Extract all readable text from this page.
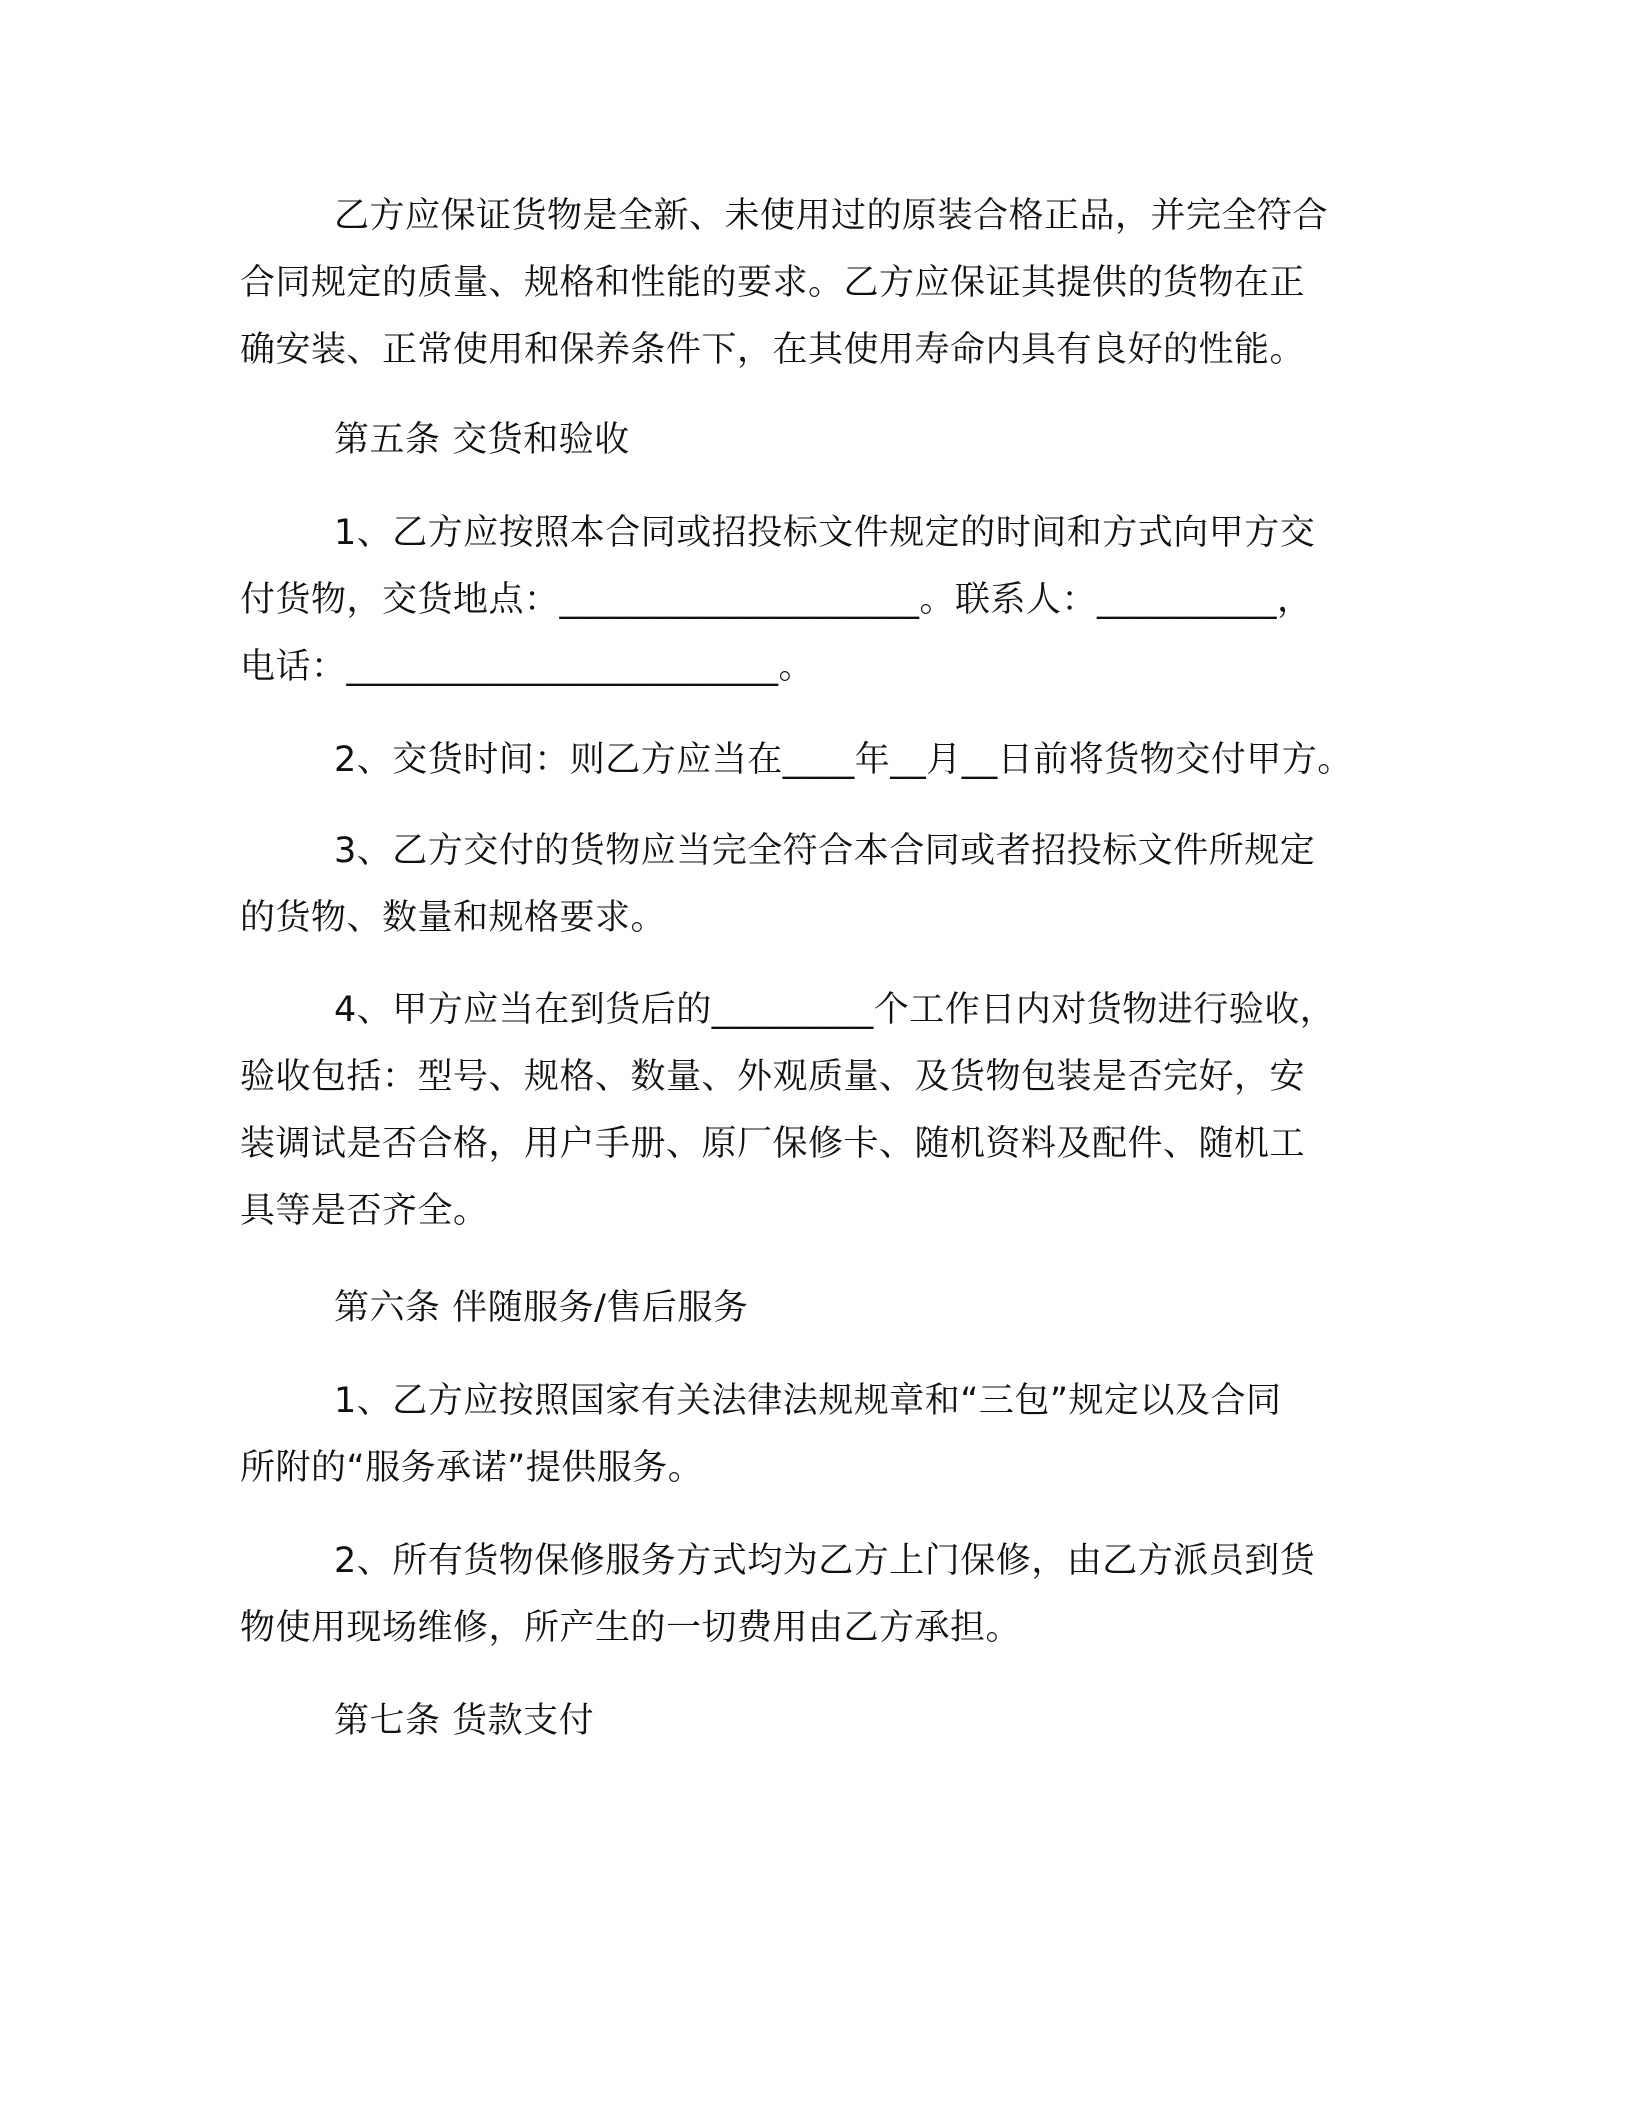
乙方应保证货物是全新、未使用过的原装合格正品，并完全符合
合同规定的质量、规格和性能的要求。乙方应保证其提供的货物在正
确安装、正常使用和保养条件下，在其使用寿命内具有良好的性能。
第五条 交货和验收
1、乙方应按照本合同或招投标文件规定的时间和方式向甲方交
付货物，交货地点：____________________。联系人：__________，
电话：________________________。
2、交货时间：则乙方应当在____年__月__日前将货物交付甲方。
3、乙方交付的货物应当完全符合本合同或者招投标文件所规定
的货物、数量和规格要求。
4、甲方应当在到货后的_________个工作日内对货物进行验收，
验收包括：型号、规格、数量、外观质量、及货物包装是否完好，安
装调试是否合格，用户手册、原厂保修卡、随机资料及配件、随机工
具等是否齐全。
第六条 伴随服务/售后服务
1、乙方应按照国家有关法律法规规章和“三包”规定以及合同
所附的“服务承诺”提供服务。
2、所有货物保修服务方式均为乙方上门保修，由乙方派员到货
物使用现场维修，所产生的一切费用由乙方承担。
第七条 货款支付
